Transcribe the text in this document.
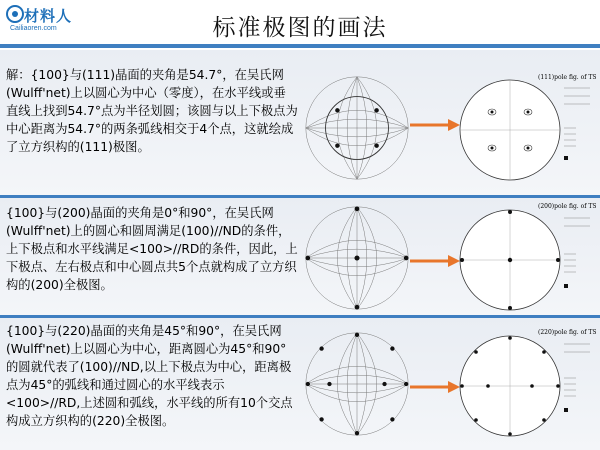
材料人
Cailiaoren.com	标准极图的画法
解：{100}与(111)晶面的夹角是54.7°，在吴氏网(Wulff'net)上以圆心为中心（零度），在水平线或垂直线上找到54.7°点为半径划圆；该圆与以上下极点为中心距离为54.7°的两条弧线相交于4个点，这就绘成了立方织构的(111)极图。
(111)pole fig. of TS
{100}与(200)晶面的夹角是0°和90°，在吴氏网(Wulff'net)上的圆心和圆周满足(100)//ND的条件，上下极点和水平线满足<100>//RD的条件，因此，上下极点、左右极点和中心圆点共5个点就构成了立方织构的(200)全极图。
(200)pole fig. of TS
{100}与(220)晶面的夹角是45°和90°，在吴氏网(Wulff'net)上以圆心为中心，距离圆心为45°和90°的圆就代表了(100)//ND,以上下极点为中心，距离极点为45°的弧线和通过圆心的水平线表示<100>//RD,上述圆和弧线，水平线的所有10个交点构成立方织构的(220)全极图。
(220)pole fig. of TS
